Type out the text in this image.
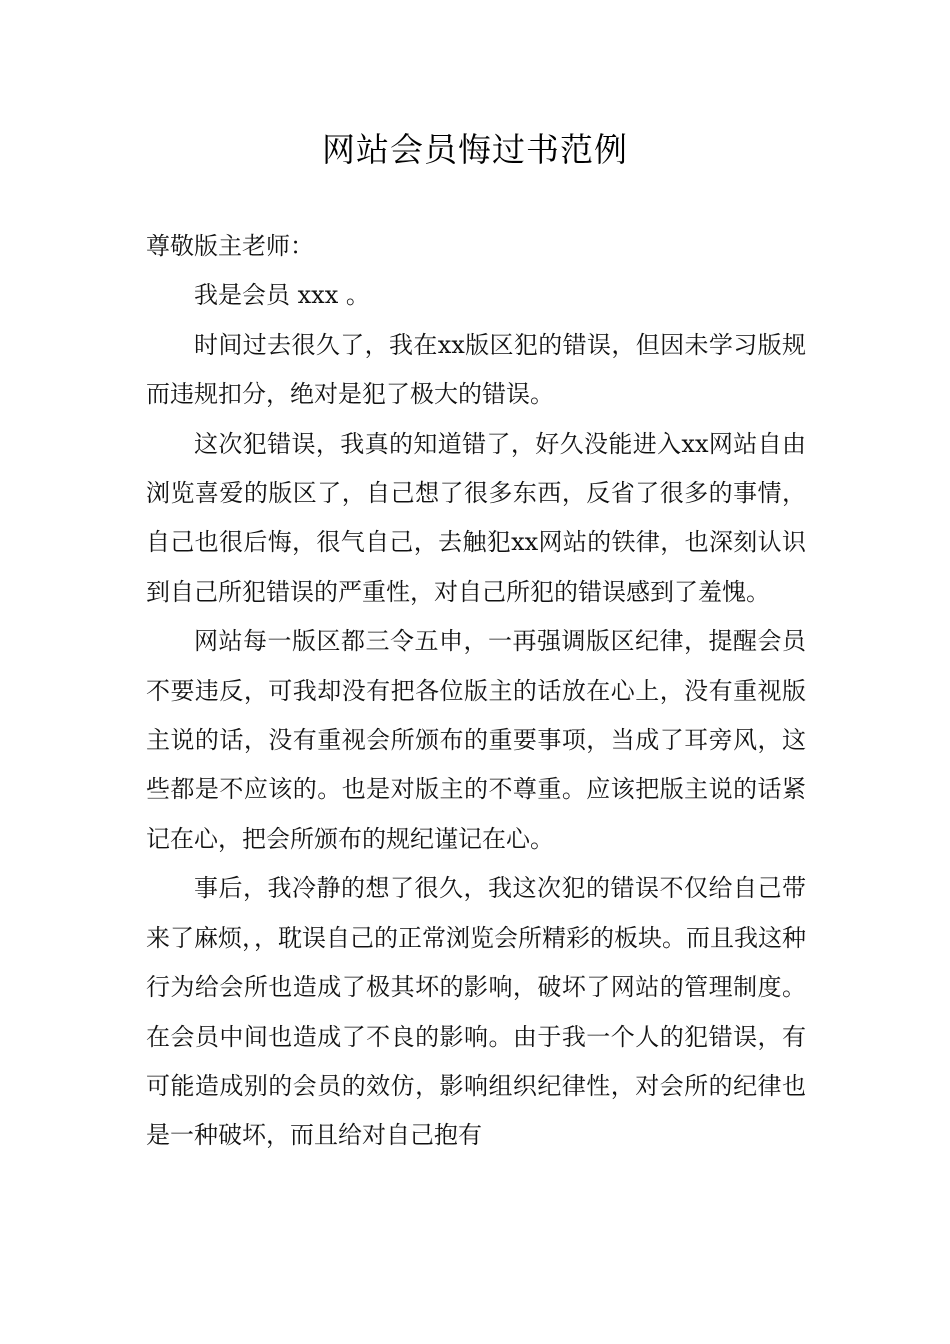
网站会员悔过书范例

尊敬版主老师：

我是会员 xxx 。

时间过去很久了，我在xx版区犯的错误，但因未学习版规而违规扣分，绝对是犯了极大的错误。

这次犯错误，我真的知道错了，好久没能进入xx网站自由浏览喜爱的版区了，自己想了很多东西，反省了很多的事情，自己也很后悔，很气自己，去触犯xx网站的铁律，也深刻认识到自己所犯错误的严重性，对自己所犯的错误感到了羞愧。

网站每一版区都三令五申，一再强调版区纪律，提醒会员不要违反，可我却没有把各位版主的话放在心上，没有重视版主说的话，没有重视会所颁布的重要事项，当成了耳旁风，这些都是不应该的。也是对版主的不尊重。应该把版主说的话紧记在心，把会所颁布的规纪谨记在心。

事后，我冷静的想了很久，我这次犯的错误不仅给自己带来了麻烦，，耽误自己的正常浏览会所精彩的板块。而且我这种行为给会所也造成了极其坏的影响，破坏了网站的管理制度。在会员中间也造成了不良的影响。由于我一个人的犯错误，有可能造成别的会员的效仿，影响组织纪律性，对会所的纪律也是一种破坏，而且给对自己抱有
